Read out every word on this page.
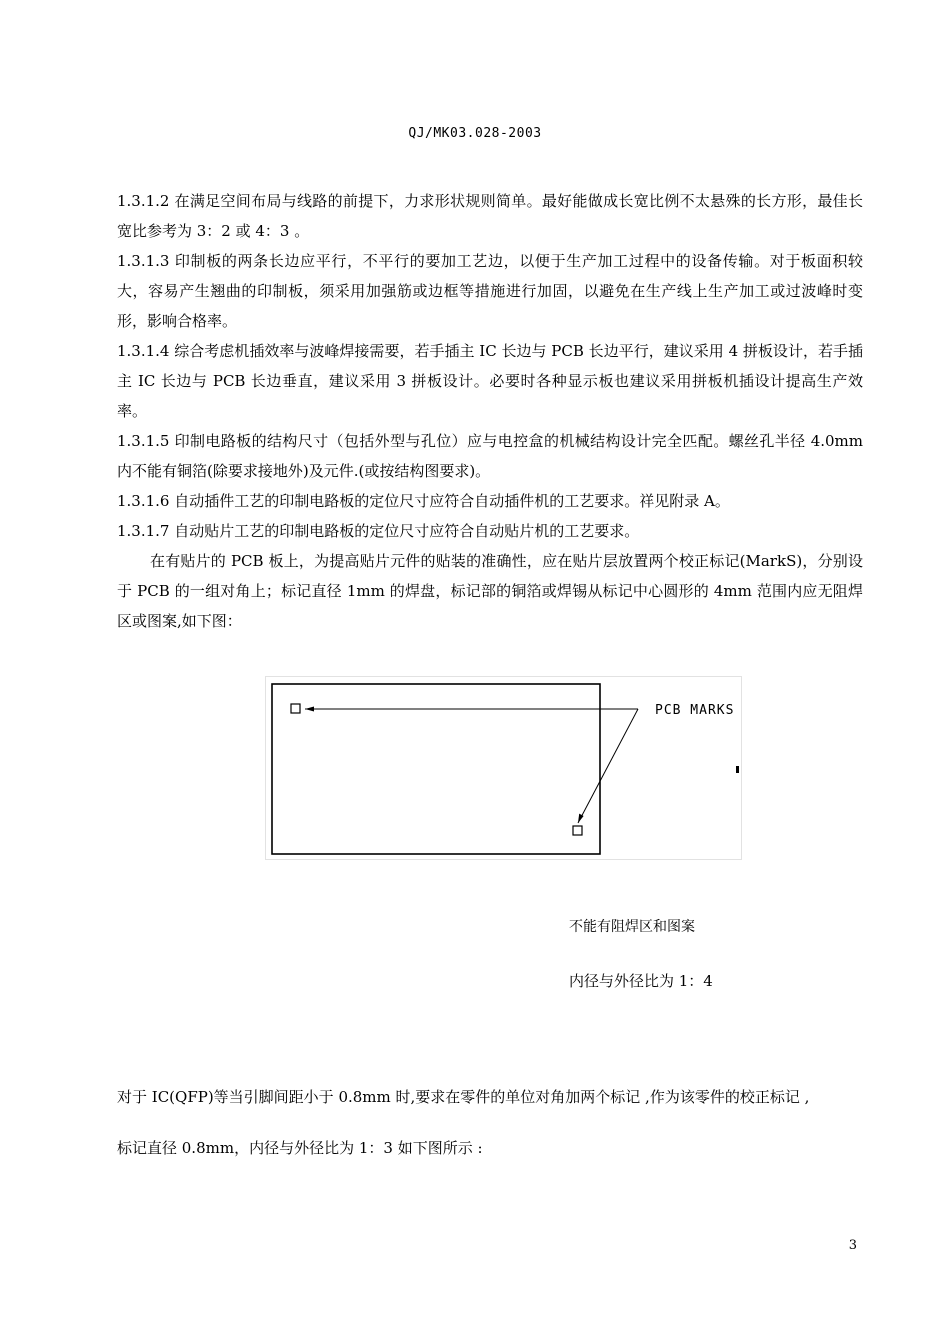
QJ/MK03.028-2003

1.3.1.2 在满足空间布局与线路的前提下，力求形状规则简单。最好能做成长宽比例不太悬殊的长方形，最佳长宽比参考为 3：2 或 4：3 。

1.3.1.3 印制板的两条长边应平行，不平行的要加工艺边，以便于生产加工过程中的设备传输。对于板面积较大，容易产生翘曲的印制板，须采用加强筋或边框等措施进行加固，以避免在生产线上生产加工或过波峰时变形，影响合格率。

1.3.1.4 综合考虑机插效率与波峰焊接需要，若手插主 IC 长边与 PCB 长边平行，建议采用 4 拼板设计，若手插主 IC 长边与 PCB 长边垂直，建议采用 3 拼板设计。必要时各种显示板也建议采用拼板机插设计提高生产效率。

1.3.1.5 印制电路板的结构尺寸（包括外型与孔位）应与电控盒的机械结构设计完全匹配。螺丝孔半径 4.0mm 内不能有铜箔(除要求接地外)及元件.(或按结构图要求)。

1.3.1.6 自动插件工艺的印制电路板的定位尺寸应符合自动插件机的工艺要求。祥见附录 A。

1.3.1.7 自动贴片工艺的印制电路板的定位尺寸应符合自动贴片机的工艺要求。

在有贴片的 PCB 板上，为提高贴片元件的贴装的准确性，应在贴片层放置两个校正标记(MarkS)，分别设于 PCB 的一组对角上；标记直径 1mm 的焊盘，标记部的铜箔或焊锡从标记中心圆形的 4mm 范围内应无阻焊区或图案,如下图：

PCB MARKS
不能有阻焊区和图案
内径与外径比为 1：4
对于 IC(QFP)等当引脚间距小于 0.8mm 时,要求在零件的单位对角加两个标记 ,作为该零件的校正标记 ,
标记直径 0.8mm，内径与外径比为 1：3 如下图所示 :
3
